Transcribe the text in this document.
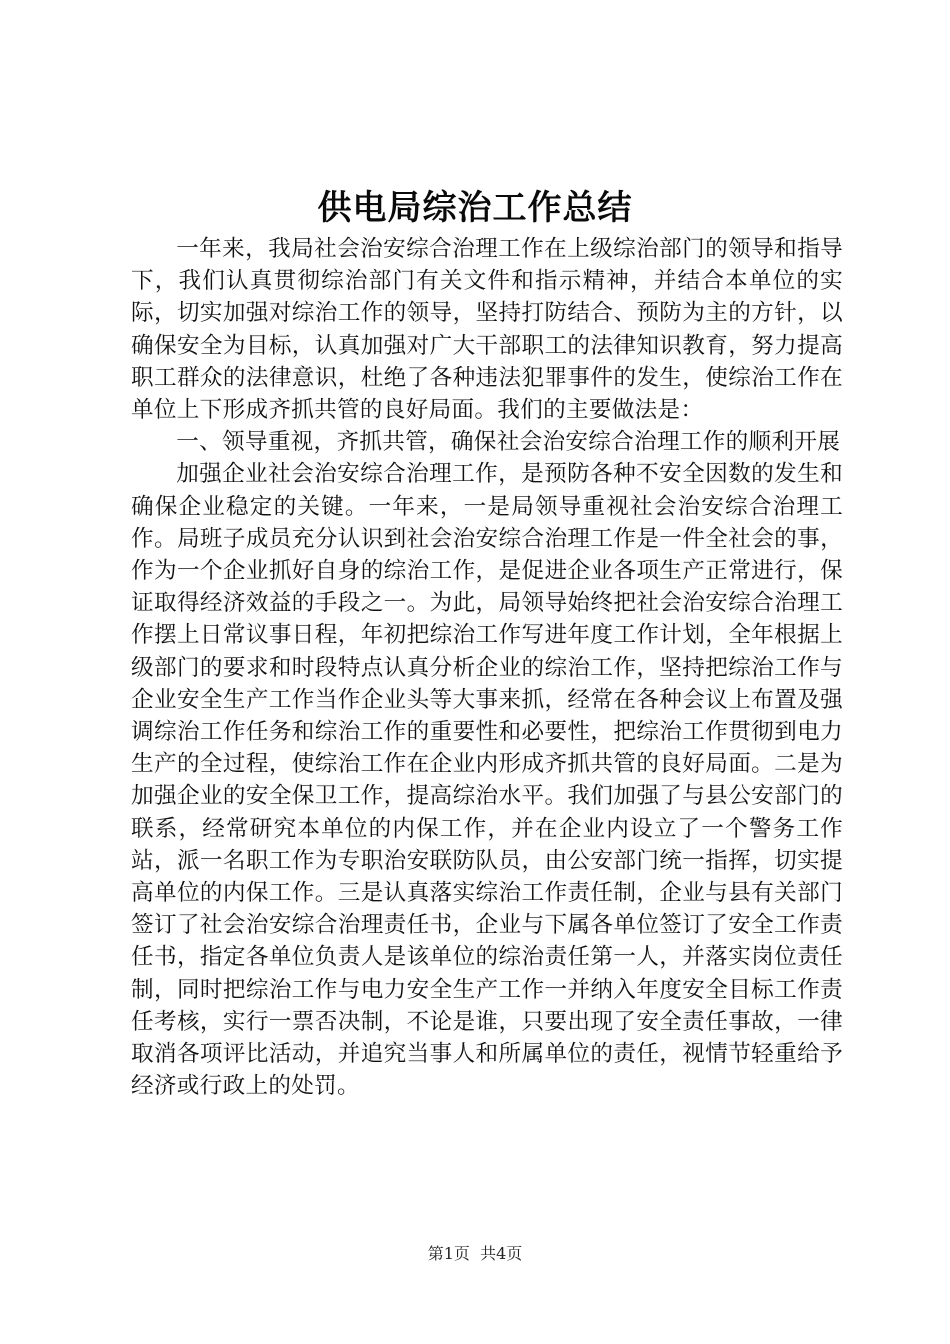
供电局综治工作总结

一年来，我局社会治安综合治理工作在上级综治部门的领导和指导下，我们认真贯彻综治部门有关文件和指示精神，并结合本单位的实际，切实加强对综治工作的领导，坚持打防结合、预防为主的方针，以确保安全为目标，认真加强对广大干部职工的法律知识教育，努力提高职工群众的法律意识，杜绝了各种违法犯罪事件的发生，使综治工作在单位上下形成齐抓共管的良好局面。我们的主要做法是：

一、领导重视，齐抓共管，确保社会治安综合治理工作的顺利开展

加强企业社会治安综合治理工作，是预防各种不安全因数的发生和确保企业稳定的关键。一年来，一是局领导重视社会治安综合治理工作。局班子成员充分认识到社会治安综合治理工作是一件全社会的事，作为一个企业抓好自身的综治工作，是促进企业各项生产正常进行，保证取得经济效益的手段之一。为此，局领导始终把社会治安综合治理工作摆上日常议事日程，年初把综治工作写进年度工作计划，全年根据上级部门的要求和时段特点认真分析企业的综治工作，坚持把综治工作与企业安全生产工作当作企业头等大事来抓，经常在各种会议上布置及强调综治工作任务和综治工作的重要性和必要性，把综治工作贯彻到电力生产的全过程，使综治工作在企业内形成齐抓共管的良好局面。二是为加强企业的安全保卫工作，提高综治水平。我们加强了与县公安部门的联系，经常研究本单位的内保工作，并在企业内设立了一个警务工作站，派一名职工作为专职治安联防队员，由公安部门统一指挥，切实提高单位的内保工作。三是认真落实综治工作责任制，企业与县有关部门签订了社会治安综合治理责任书，企业与下属各单位签订了安全工作责任书，指定各单位负责人是该单位的综治责任第一人，并落实岗位责任制，同时把综治工作与电力安全生产工作一并纳入年度安全目标工作责任考核，实行一票否决制，不论是谁，只要出现了安全责任事故，一律取消各项评比活动，并追究当事人和所属单位的责任，视情节轻重给予经济或行政上的处罚。

第1页  共4页
